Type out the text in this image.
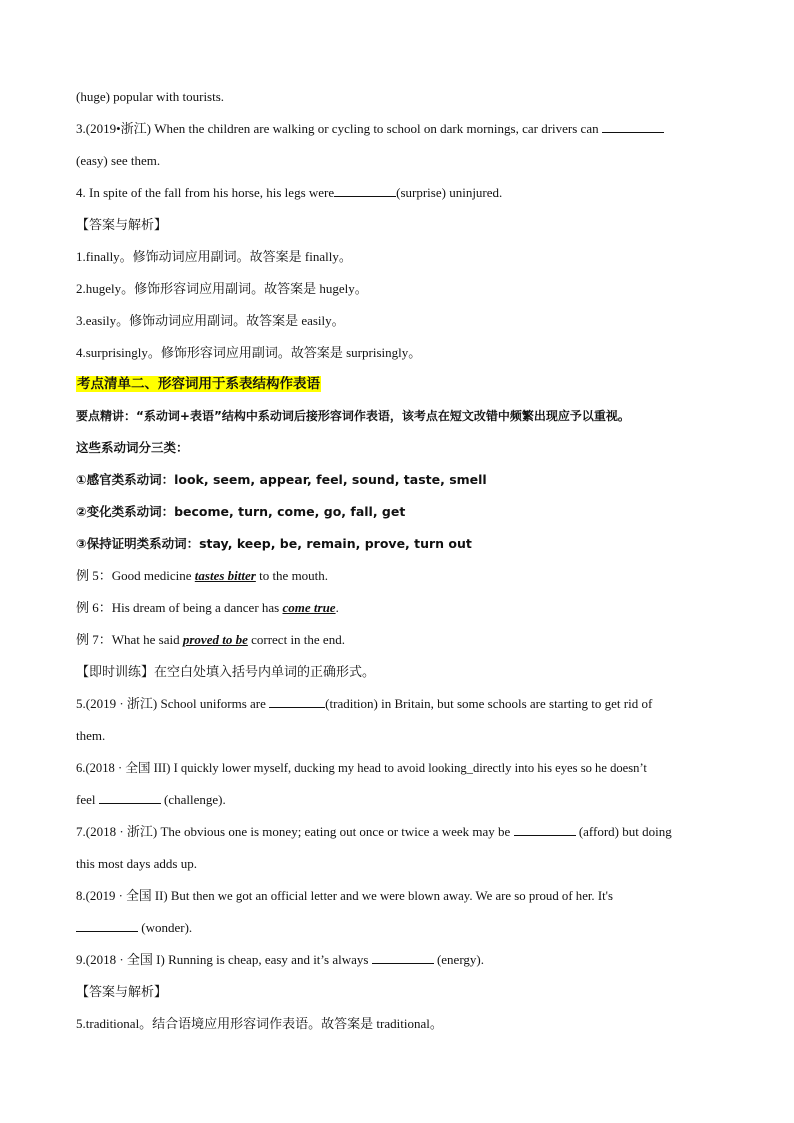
(huge) popular with tourists.
3.(2019•浙江) When the children are walking or cycling to school on dark mornings, car drivers can
(easy) see them.
4. In spite of the fall from his horse, his legs were	(surprise) uninjured.
【答案与解析】
1.finally。修饰动词应用副词。故答案是 finally。
2.hugely。修饰形容词应用副词。故答案是 hugely。
3.easily。修饰动词应用副词。故答案是 easily。
4.surprisingly。修饰形容词应用副词。故答案是 surprisingly。
考点清单二、形容词用于系表结构作表语
要点精讲：“系动词+表语”结构中系动词后接形容词作表语，该考点在短文改错中频繁出现应予以重视。
这些系动词分三类：
①感官类系动词：look, seem, appear, feel, sound, taste, smell
②变化类系动词：become, turn, come, go, fall, get
③保持证明类系动词：stay, keep, be, remain, prove, turn out
例 5：Good medicine tastes bitter to the mouth.
例 6：His dream of being a dancer has come true.
例 7：What he said proved to be correct in the end.
【即时训练】在空白处填入括号内单词的正确形式。
5.(2019 · 浙江) School uniforms are	(tradition) in Britain, but some schools are starting to get rid of
them.
6.(2018 · 全国 III) I quickly lower myself, ducking my head to avoid looking_directly into his eyes so he doesn’t
feel	(challenge).
7.(2018 · 浙江) The obvious one is money; eating out once or twice a week may be	(afford) but doing
this most days adds up.
8.(2019 · 全国 II) But then we got an official letter and we were blown away. We are so proud of her. It's
(wonder).
9.(2018 · 全国 I) Running is cheap, easy and it’s always	(energy).
【答案与解析】
5.traditional。结合语境应用形容词作表语。故答案是 traditional。
